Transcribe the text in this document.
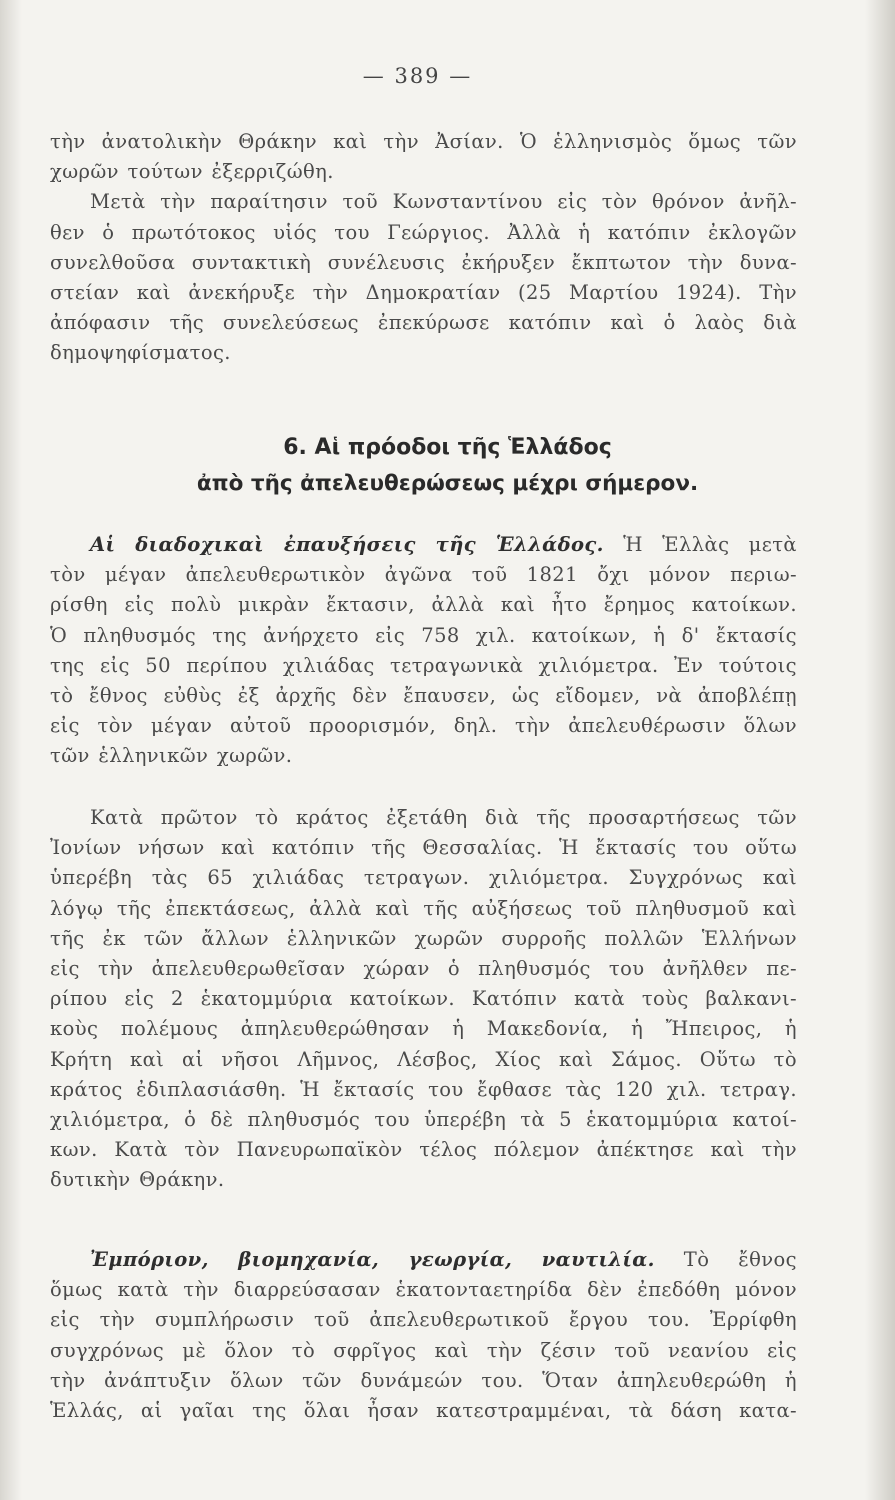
— 389 —
τὴν ἀνατολικὴν Θράκην καὶ τὴν Ἀσίαν. Ὁ ἑλληνισμὸς ὅμως τῶν
χωρῶν τούτων ἐξερριζώθη.
Μετὰ τὴν παραίτησιν τοῦ Κωνσταντίνου εἰς τὸν θρόνον ἀνῆλ-
θεν ὁ πρωτότοκος υἱός του Γεώργιος. Ἀλλὰ ἡ κατόπιν ἐκλογῶν
συνελθοῦσα συντακτικὴ συνέλευσις ἐκήρυξεν ἔκπτωτον τὴν δυνα-
στείαν καὶ ἀνεκήρυξε τὴν Δημοκρατίαν (25 Μαρτίου 1924). Τὴν
ἀπόφασιν τῆς συνελεύσεως ἐπεκύρωσε κατόπιν καὶ ὁ λαὸς διὰ
δημοψηφίσματος.
6. Αἱ πρόοδοι τῆς Ἑλλάδος
ἀπὸ τῆς ἀπελευθερώσεως μέχρι σήμερον.
Αἱ διαδοχικαὶ ἐπαυξήσεις τῆς Ἑλλάδος. Ἡ Ἑλλὰς μετὰ
τὸν μέγαν ἀπελευθερωτικὸν ἀγῶνα τοῦ 1821 ὄχι μόνον περιω-
ρίσθη εἰς πολὺ μικρὰν ἔκτασιν, ἀλλὰ καὶ ἦτο ἔρημος κατοίκων.
Ὁ πληθυσμός της ἀνήρχετο εἰς 758 χιλ. κατοίκων, ἡ δ' ἔκτασίς
της εἰς 50 περίπου χιλιάδας τετραγωνικὰ χιλιόμετρα. Ἐν τούτοις
τὸ ἔθνος εὐθὺς ἐξ ἀρχῆς δὲν ἔπαυσεν, ὡς εἴδομεν, νὰ ἀποβλέπῃ
εἰς τὸν μέγαν αὐτοῦ προορισμόν, δηλ. τὴν ἀπελευθέρωσιν ὅλων
τῶν ἑλληνικῶν χωρῶν.
Κατὰ πρῶτον τὸ κράτος ἐξετάθη διὰ τῆς προσαρτήσεως τῶν
Ἰονίων νήσων καὶ κατόπιν τῆς Θεσσαλίας. Ἡ ἔκτασίς του οὕτω
ὑπερέβη τὰς 65 χιλιάδας τετραγων. χιλιόμετρα. Συγχρόνως καὶ
λόγῳ τῆς ἐπεκτάσεως, ἀλλὰ καὶ τῆς αὐξήσεως τοῦ πληθυσμοῦ καὶ
τῆς ἐκ τῶν ἄλλων ἑλληνικῶν χωρῶν συρροῆς πολλῶν Ἑλλήνων
εἰς τὴν ἀπελευθερωθεῖσαν χώραν ὁ πληθυσμός του ἀνῆλθεν πε-
ρίπου εἰς 2 ἑκατομμύρια κατοίκων. Κατόπιν κατὰ τοὺς βαλκανι-
κοὺς πολέμους ἀπηλευθερώθησαν ἡ Μακεδονία, ἡ Ἤπειρος, ἡ
Κρήτη καὶ αἱ νῆσοι Λῆμνος, Λέσβος, Χίος καὶ Σάμος. Οὕτω τὸ
κράτος ἐδιπλασιάσθη. Ἡ ἔκτασίς του ἔφθασε τὰς 120 χιλ. τετραγ.
χιλιόμετρα, ὁ δὲ πληθυσμός του ὑπερέβη τὰ 5 ἑκατομμύρια κατοί-
κων. Κατὰ τὸν Πανευρωπαϊκὸν τέλος πόλεμον ἀπέκτησε καὶ τὴν
δυτικὴν Θράκην.
Ἐμπόριον, βιομηχανία, γεωργία, ναυτιλία. Τὸ ἔθνος
ὅμως κατὰ τὴν διαρρεύσασαν ἑκατονταετηρίδα δὲν ἐπεδόθη μόνον
εἰς τὴν συμπλήρωσιν τοῦ ἀπελευθερωτικοῦ ἔργου του. Ἐρρίφθη
συγχρόνως μὲ ὅλον τὸ σφρῖγος καὶ τὴν ζέσιν τοῦ νεανίου εἰς
τὴν ἀνάπτυξιν ὅλων τῶν δυνάμεών του. Ὅταν ἀπηλευθερώθη ἡ
Ἑλλάς, αἱ γαῖαι της ὅλαι ἦσαν κατεστραμμέναι, τὰ δάση κατα-
